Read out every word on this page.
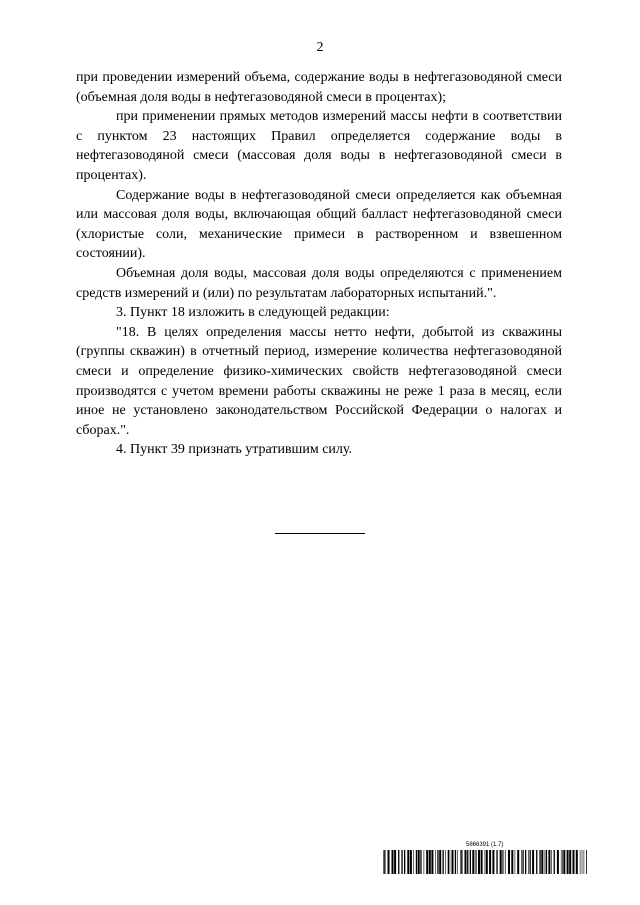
2

при проведении измерений объема, содержание воды в нефтегазоводяной смеси (объемная доля воды в нефтегазоводяной смеси в процентах);

при применении прямых методов измерений массы нефти в соответствии с пунктом 23 настоящих Правил определяется содержание воды в нефтегазоводяной смеси (массовая доля воды в нефтегазоводяной смеси в процентах).

Содержание воды в нефтегазоводяной смеси определяется как объемная или массовая доля воды, включающая общий балласт нефтегазоводяной смеси (хлористые соли, механические примеси в растворенном и взвешенном состоянии).

Объемная доля воды, массовая доля воды определяются с применением средств измерений и (или) по результатам лабораторных испытаний.".

3. Пункт 18 изложить в следующей редакции:

"18. В целях определения массы нетто нефти, добытой из скважины (группы скважин) в отчетный период, измерение количества нефтегазоводяной смеси и определение физико-химических свойств нефтегазоводяной смеси производятся с учетом времени работы скважины не реже 1 раза в месяц, если иное не установлено законодательством Российской Федерации о налогах и сборах.".

4. Пункт 39 признать утратившим силу.

5866391 (1.7)
